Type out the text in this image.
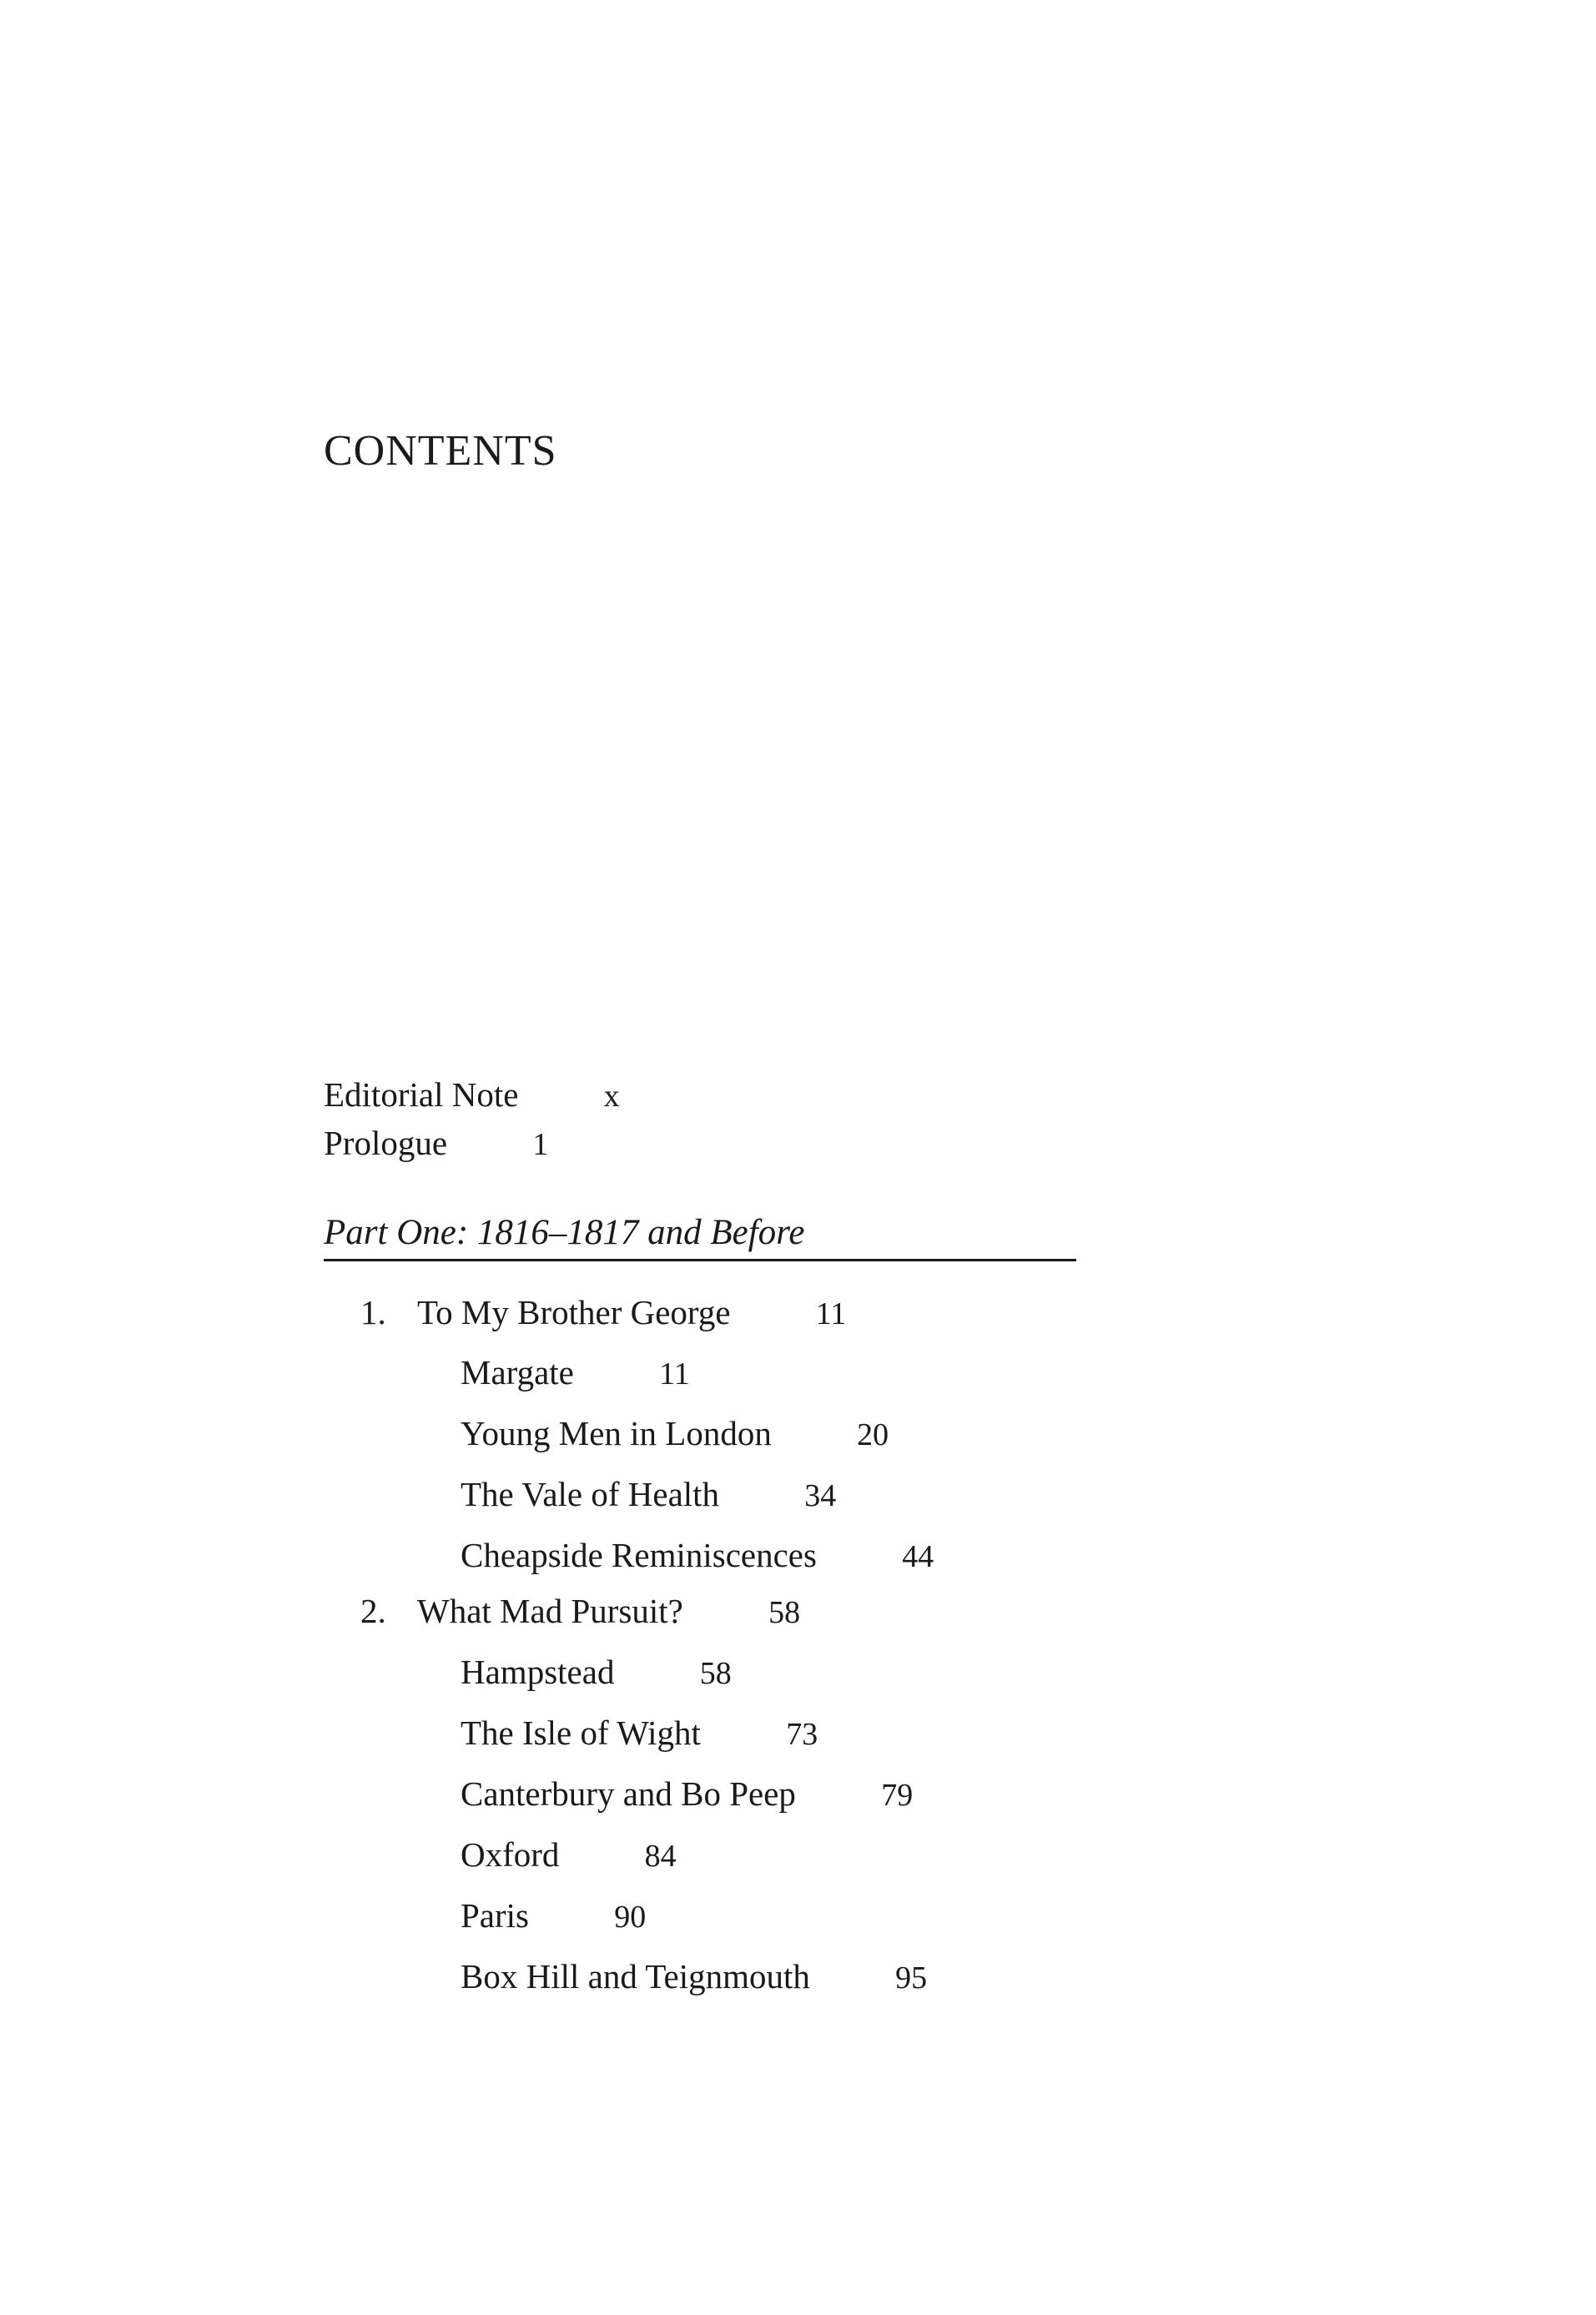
CONTENTS
Editorial Note	x
Prologue	1
Part One: 1816–1817 and Before
1. To My Brother George	11
Margate	11
Young Men in London	20
The Vale of Health	34
Cheapside Reminiscences	44
2. What Mad Pursuit?	58
Hampstead	58
The Isle of Wight	73
Canterbury and Bo Peep	79
Oxford	84
Paris	90
Box Hill and Teignmouth	95
